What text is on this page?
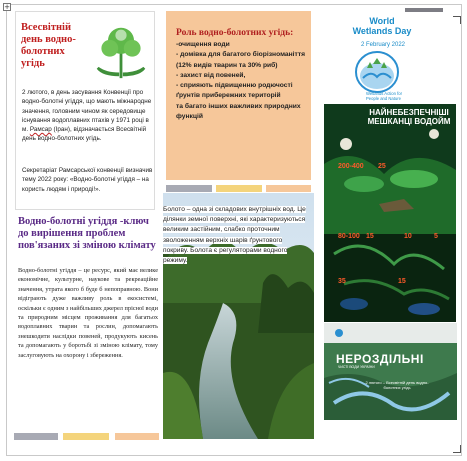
+
Всесвітній день водно-болотних угідь
2 лютого, в день засування Конвенції про водно-болотні угіддя, що мають міжнародне значення, головним чином як середовище існування водоплавних птахів у 1971 році в м. Рамсар (Іран), відзначається Всесвітній день водно-болотних угідь.
Секретаріат Рамсарської конвенції визначив тему 2022 року: «Водно-болотні угіддя – на користь людям і природі!».
Водно-болотні угіддя -ключ до вирішення проблем пов'язаних зі зміною клімату
Водно-болотні угіддя – це ресурс, який має велике економічне, культурне, наукове та рекреаційне значення, утрата якого б буде б непоправною. Вони відіграють дуже важливу роль в екосистемі, оскільки є одним з найбільших джерел прісної води та природним місцем проживання для багатьох водоплавних тварин та рослин, допомагають знешкодити наслідки повеней, продукують кисень та допомагають у боротьбі зі зміною клімату, тому заслуговують на охорону і збереження.
Роль водно-болотних угідь:
-очищення води
- домівка для багатого біорізноманіття (12% видів тварин та 30% риб)
- захист від повеней,
- сприяють підвищенню родючості ґрунтів прибережних територій
та багато інших важливих природних функцій
Болото – одна зі складових внутрішніх вод. Це ділянки земної поверхні, які характеризуються великим застійним, слабко проточним зволоженням верхніх шарів ґрунтового покриву. Болота є регуляторами водного режиму.
World Wetlands Day
2 February 2022
Wetlands Action for People and Nature
НАЙНЕБЕЗПЕЧНІШІ МЕШКАНЦІ ВОДОЙМ
200-400 25
80-100 15	10	5
35	15
НЕРОЗДІЛЬНІ
ЧИСТІ ВОДИ УКРАЇНИ
2 лютого – Всесвітній день водно-болотних угідь
